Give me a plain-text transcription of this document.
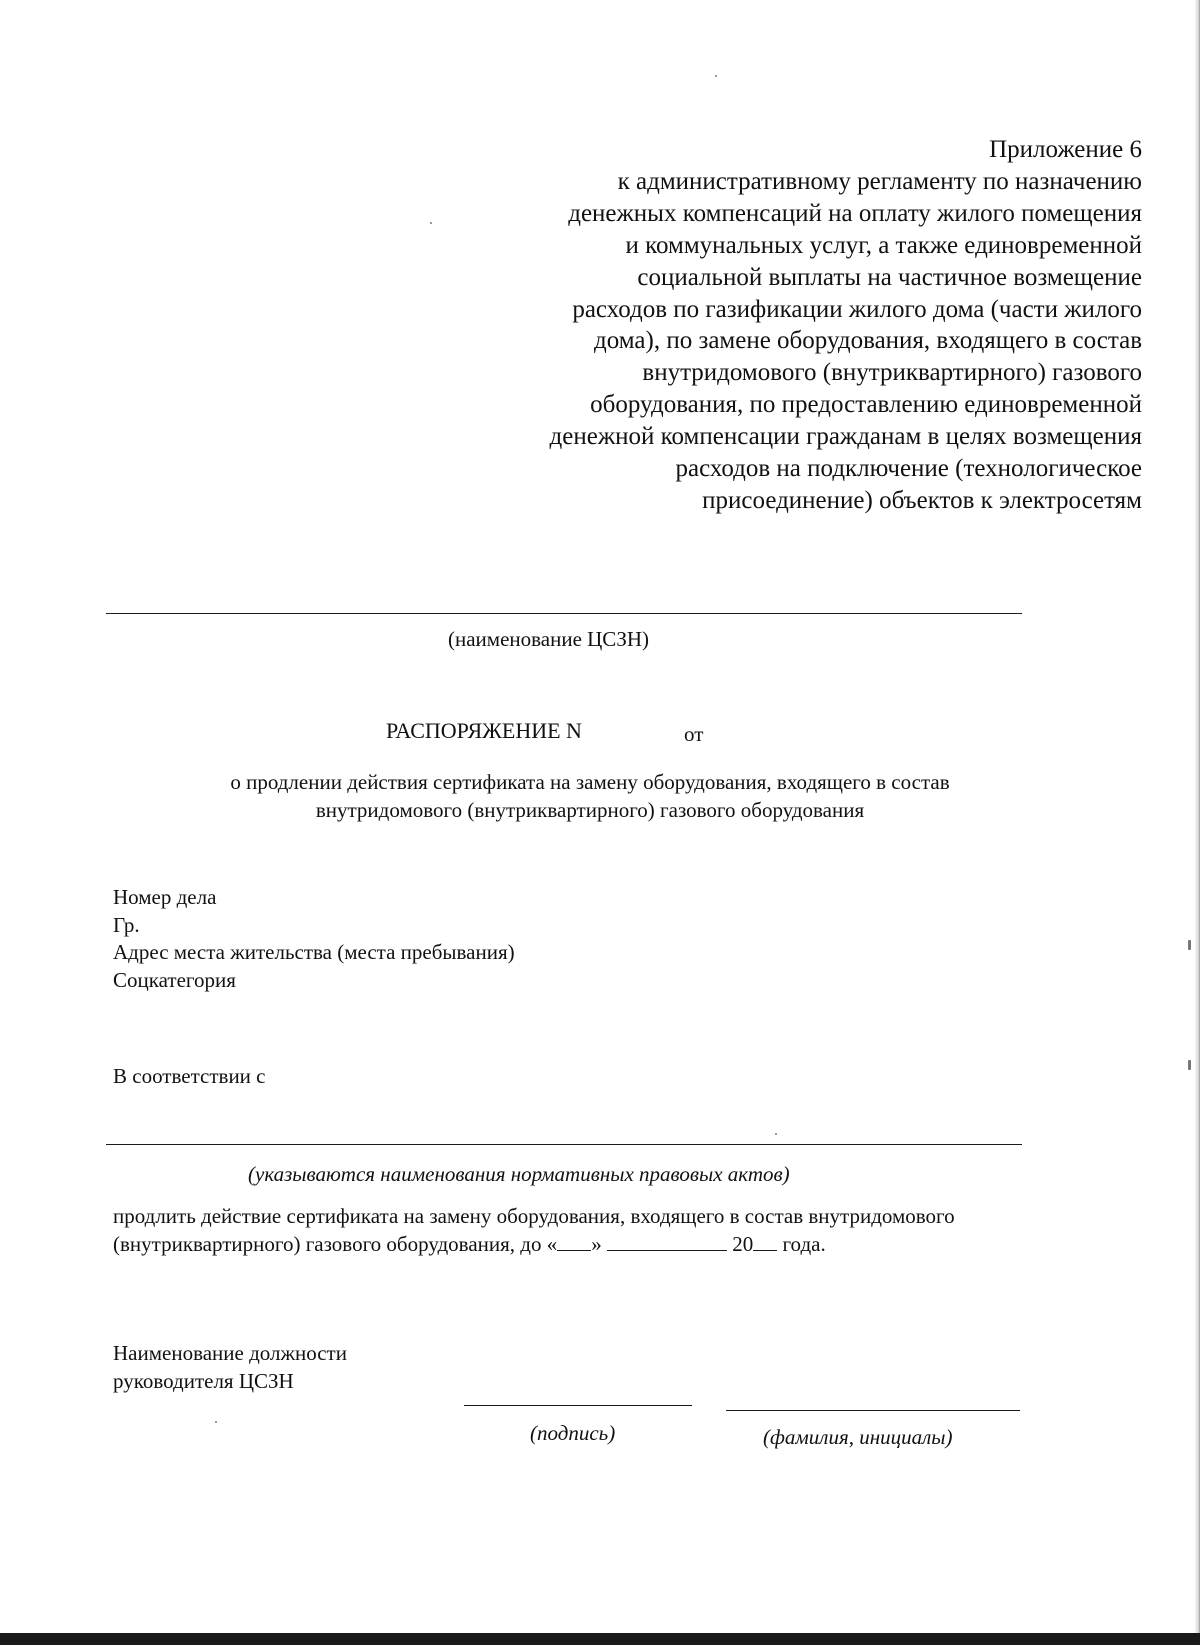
Приложение 6
к административному регламенту по назначению
денежных компенсаций на оплату жилого помещения
и коммунальных услуг, а также единовременной
социальной выплаты на частичное возмещение
расходов по газификации жилого дома (части жилого
дома), по замене оборудования, входящего в состав
внутридомового (внутриквартирного) газового
оборудования, по предоставлению единовременной
денежной компенсации гражданам в целях возмещения
расходов на подключение (технологическое
присоединение) объектов к электросетям
(наименование ЦСЗН)
РАСПОРЯЖЕНИЕ N	от
о продлении действия сертификата на замену оборудования, входящего в состав
внутридомового (внутриквартирного) газового оборудования
Номер дела
Гр.
Адрес места жительства (места пребывания)
Соцкатегория
В соответствии с
(указываются наименования нормативных правовых актов)
продлить действие сертификата на замену оборудования, входящего в состав внутридомового
(внутриквартирного) газового оборудования, до « »	20 года.
Наименование должности
руководителя ЦСЗН
(подпись)	(фамилия, инициалы)
